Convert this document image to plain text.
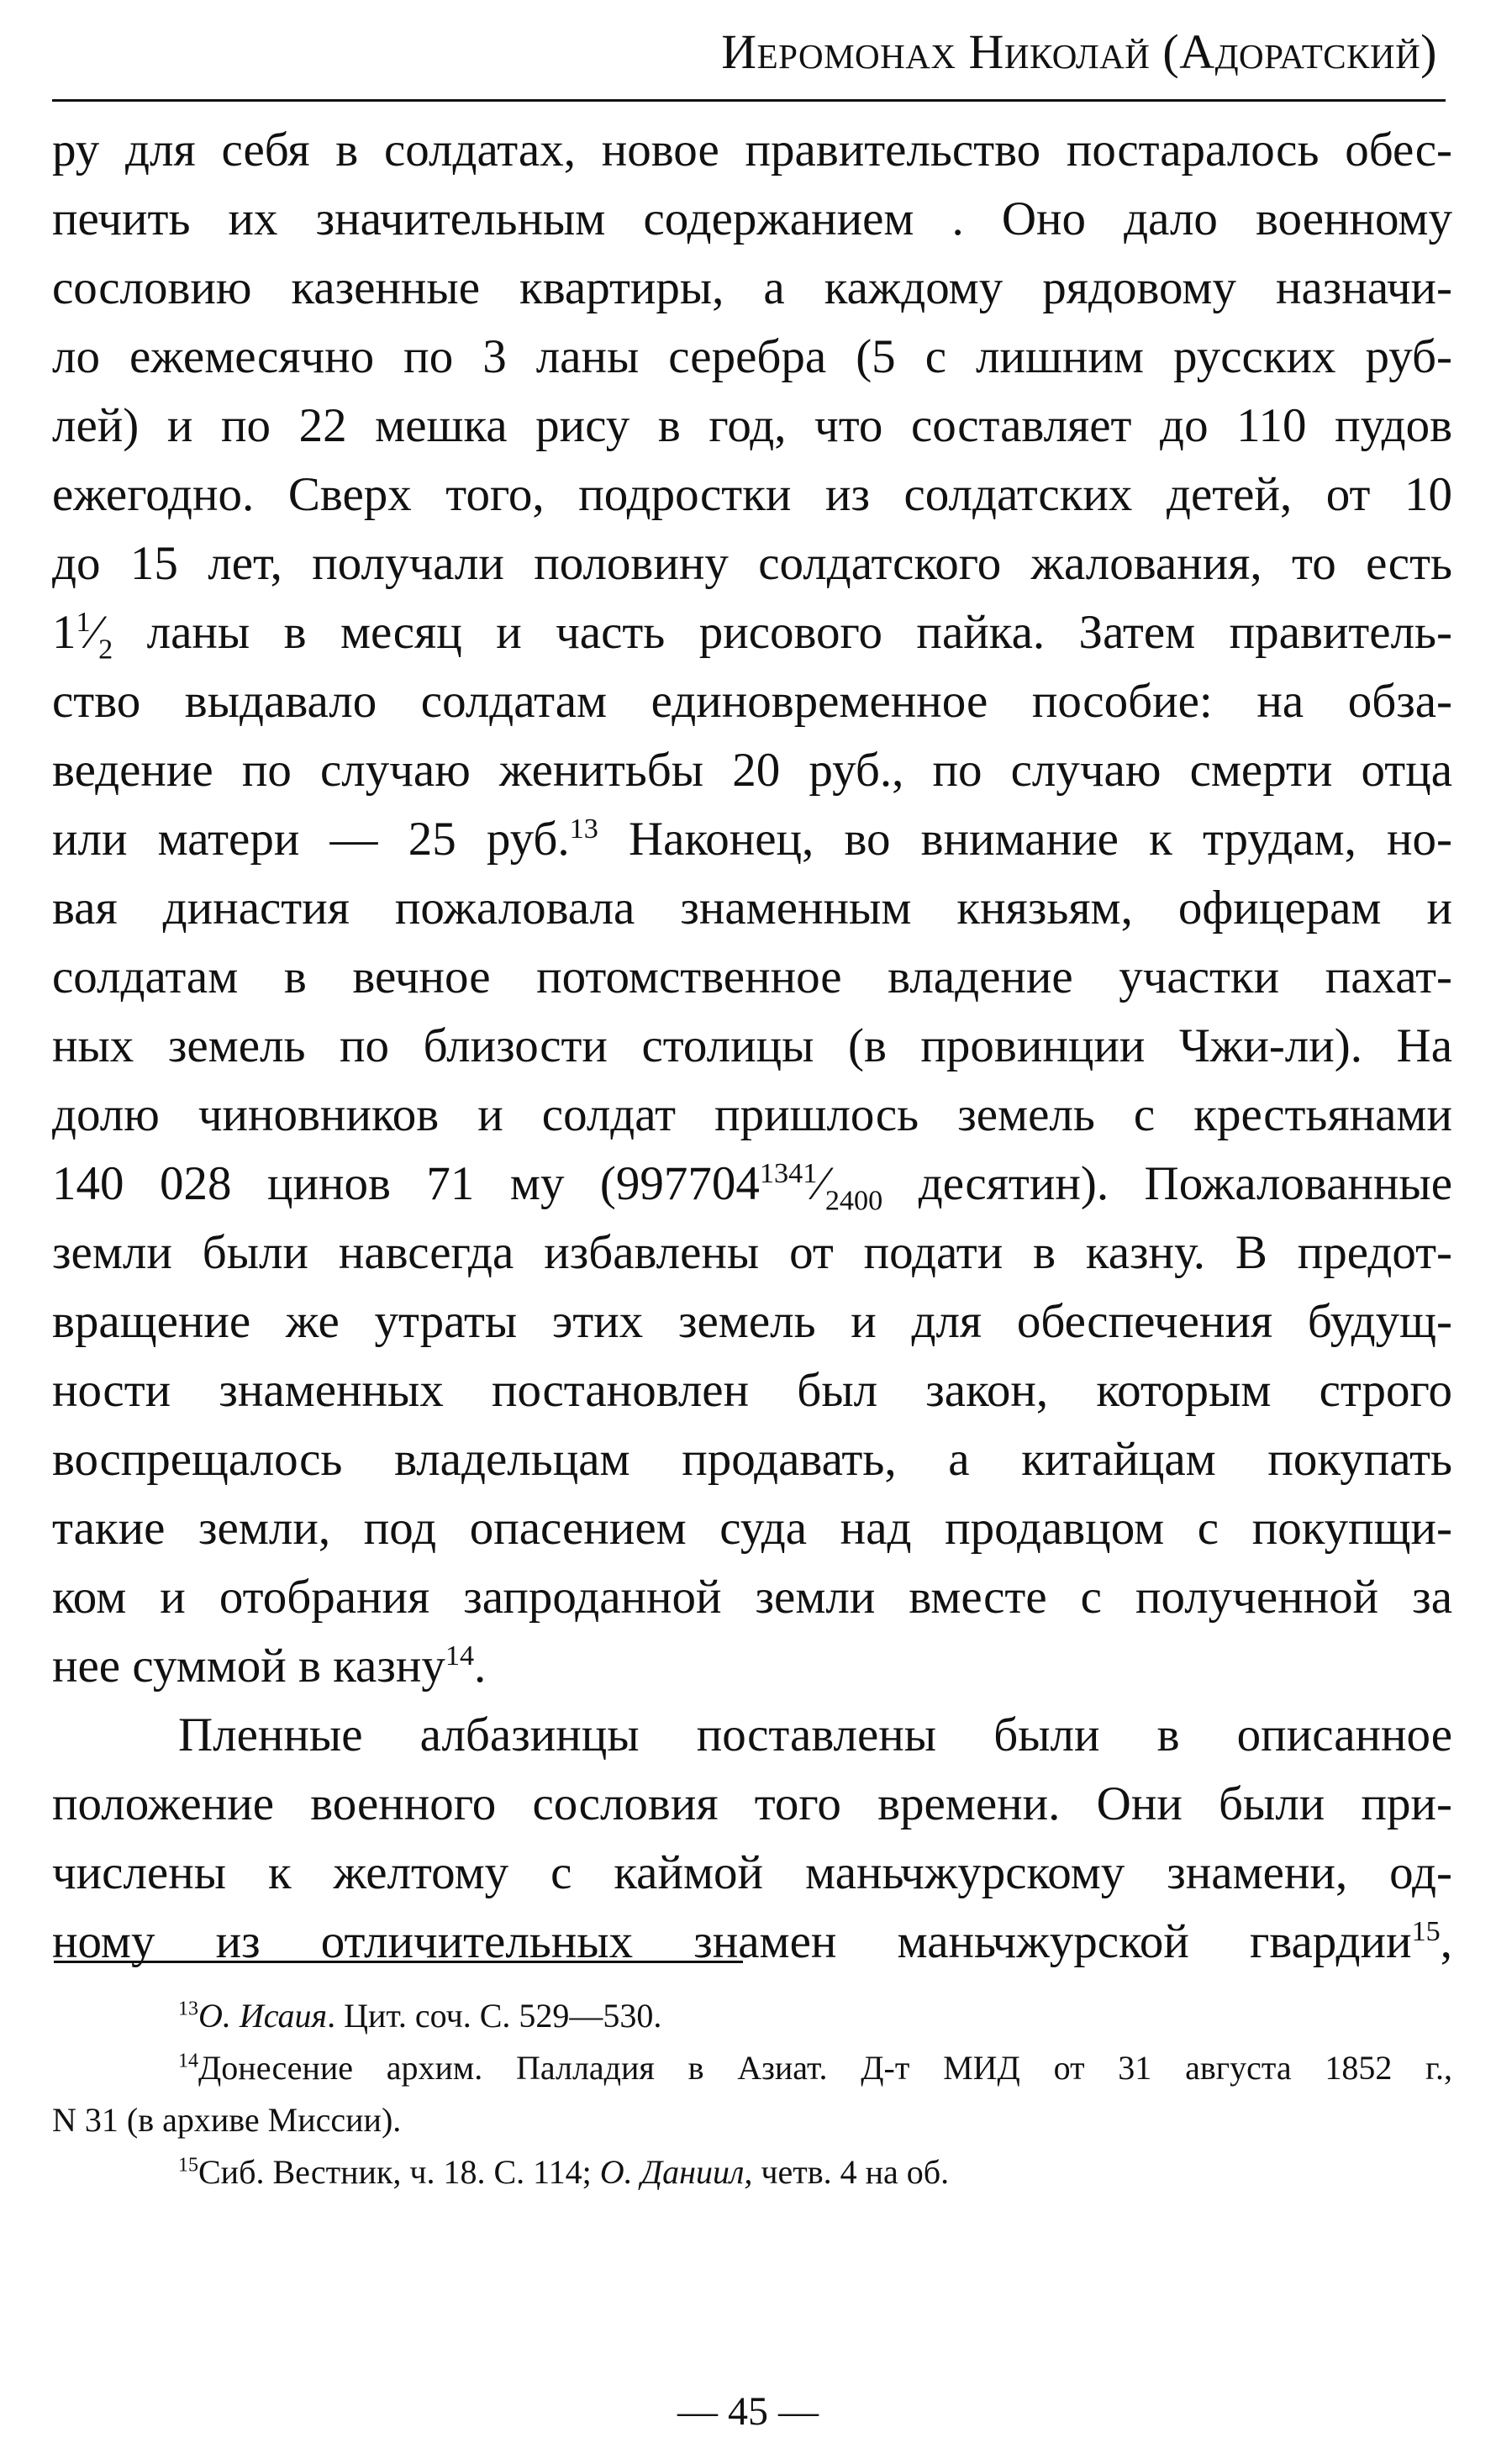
Иеромонах Николай (Адоратский)
ру для себя в солдатах, новое правительство постаралось обес-
печить их значительным содержанием . Оно дало военному
сословию казенные квартиры, а каждому рядовому назначи-
ло ежемесячно по 3 ланы серебра (5 с лишним русских руб-
лей) и по 22 мешка рису в год, что составляет до 110 пудов
ежегодно. Сверх того, подростки из солдатских детей, от 10
до 15 лет, получали половину солдатского жалования, то есть
$1^1⁄_2$ ланы в месяц и часть рисового пайка. Затем правитель-
ство выдавало солдатам единовременное пособие: на обза-
ведение по случаю женитьбы 20 руб., по случаю смерти отца
или матери — 25 руб.$^{13}$ Наконец, во внимание к трудам, но-
вая династия пожаловала знаменным князьям, офицерам и
солдатам в вечное потомственное владение участки пахат-
ных земель по близости столицы (в провинции Чжи-ли). На
долю чиновников и солдат пришлось земель с крестьянами
140 028 цинов 71 му ($997704^{1341}⁄_{2400}$ десятин). Пожалованные
земли были навсегда избавлены от подати в казну. В предот-
вращение же утраты этих земель и для обеспечения будущ-
ности знаменных постановлен был закон, которым строго
воспрещалось владельцам продавать, а китайцам покупать
такие земли, под опасением суда над продавцом с покупщи-
ком и отобрания запроданной земли вместе с полученной за
нее суммой в казну$^{14}$.
Пленные албазинцы поставлены были в описанное
положение военного сословия того времени. Они были при-
числены к желтому с каймой маньчжурскому знамени, од-
ному из отличительных знамен маньчжурской гвардии$^{15}$,
$^{13}$О. Исаия. Цит. соч. С. 529—530.
$^{14}$Донесение архим. Палладия в Азиат. Д-т МИД от 31 августа 1852 г.,
N 31 (в архиве Миссии).
$^{15}$Сиб. Вестник, ч. 18. С. 114; О. Даниил, четв. 4 на об.
— 45 —
